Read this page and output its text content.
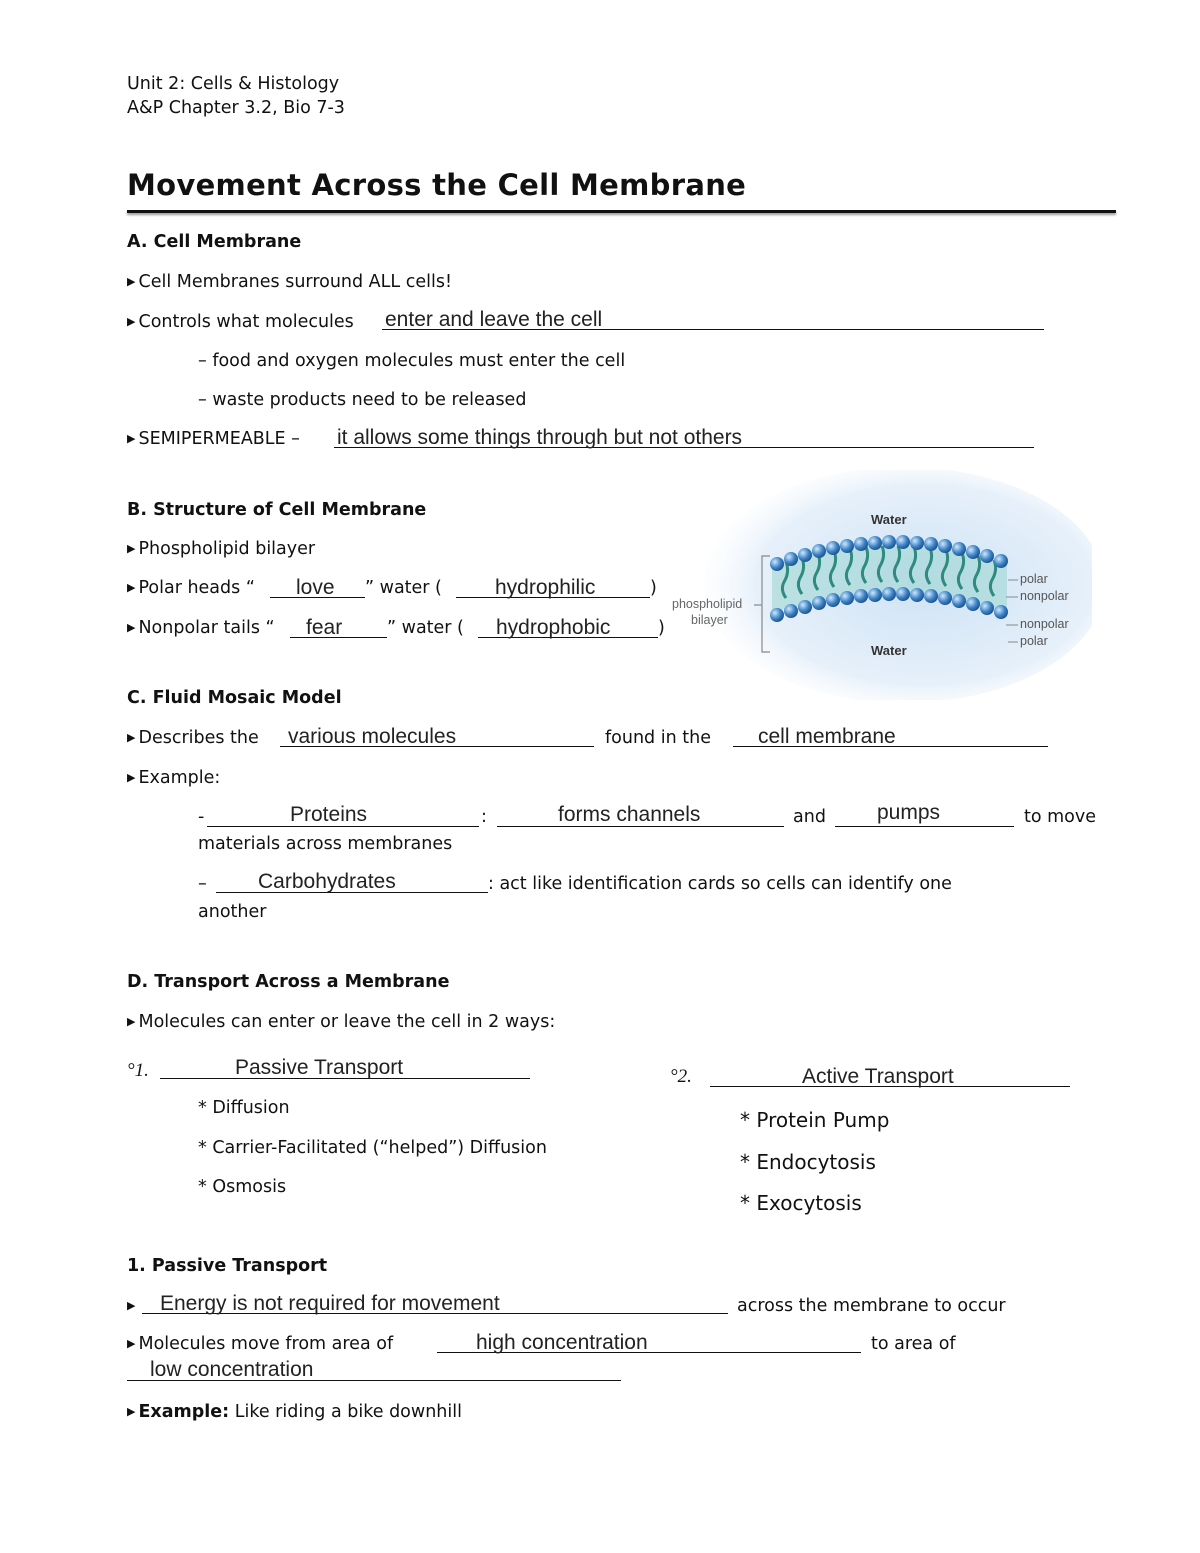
Unit 2: Cells & Histology
A&P Chapter 3.2, Bio 7-3
Movement Across the Cell Membrane
A. Cell Membrane
▶ Cell Membranes surround ALL cells!
▶ Controls what molecules enter and leave the cell
– food and oxygen molecules must enter the cell
– waste products need to be released
▶ SEMIPERMEABLE – it allows some things through but not others
B. Structure of Cell Membrane
▶ Phospholipid bilayer
▶ Polar heads “ love ” water (	hydrophilic	)
▶ Nonpolar tails “ fear	” water ( hydrophobic	)
Water
Water
phospholipid
bilayer
polar
nonpolar
nonpolar
polar
C. Fluid Mosaic Model
▶ Describes the various molecules	found in the cell membrane
▶ Example:
-	Proteins	:	forms channels	and pumps	to move
materials across membranes
– Carbohydrates	: act like identification cards so cells can identify one
another
D. Transport Across a Membrane
▶ Molecules can enter or leave the cell in 2 ways:
°1.	Passive Transport
* Diffusion
* Carrier-Facilitated (“helped”) Diffusion
* Osmosis
°2.	Active Transport
* Protein Pump
* Endocytosis
* Exocytosis
1. Passive Transport
▶ Energy is not required for movement	across the membrane to occur
▶ Molecules move from area of	high concentration	to area of
low concentration
▶ Example: Like riding a bike downhill
